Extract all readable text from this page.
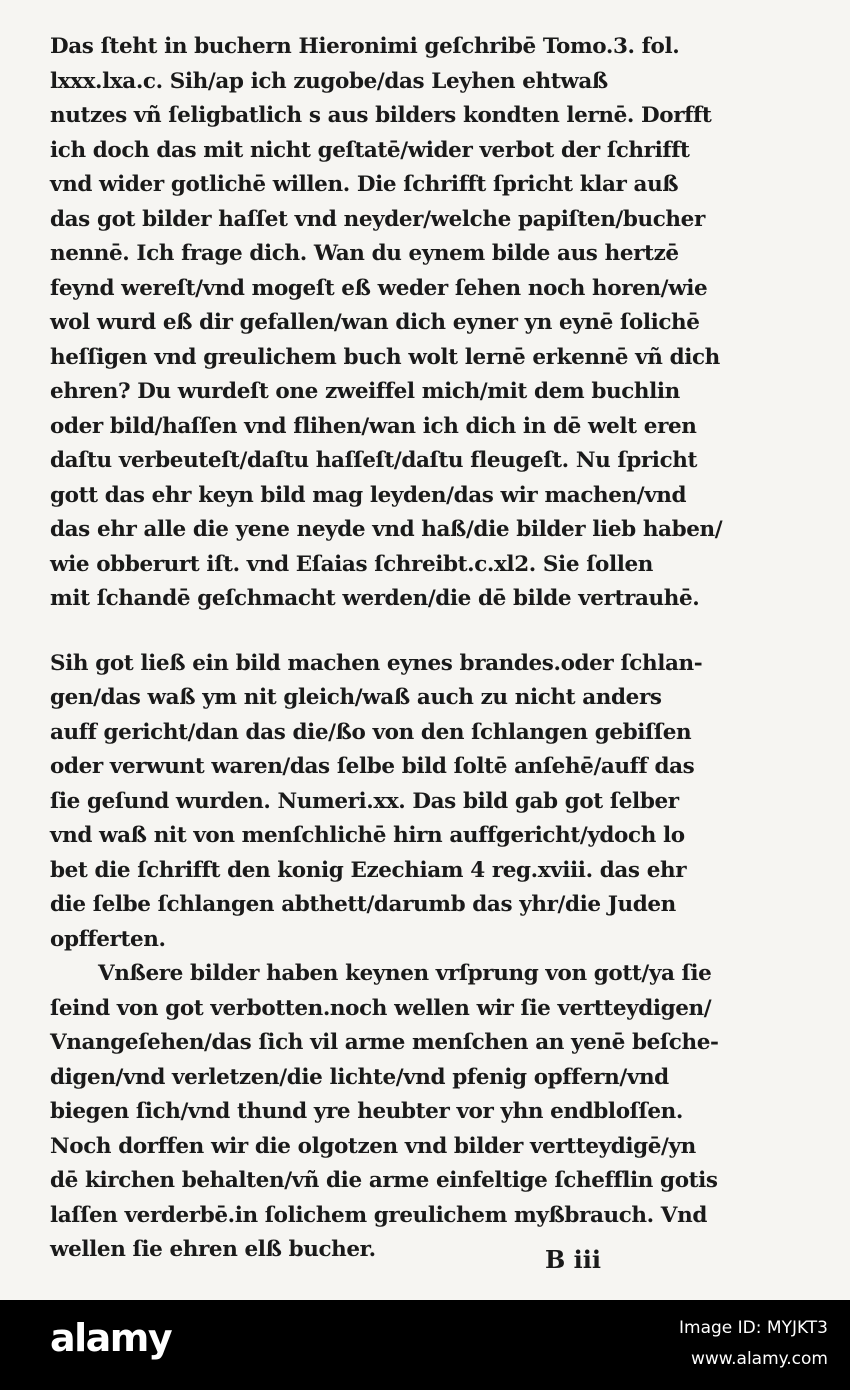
Das ſteht in buchern Hieronimi geſchribē Tomo.3. fol.
lxxx.lxa.c. Sih/ap ich zugobe/das Leyhen ehtwaß
nutzes vñ ſeligbatlich s aus bilders kondten lernē. Dorfft
ich doch das mit nicht geſtatē/wider verbot der ſchrifft
vnd wider gotlichē willen. Die ſchrifft ſpricht klar auß
das got bilder haſſet vnd neyder/welche papiſten/bucher
nennē. Ich frage dich. Wan du eynem bilde aus hertzē
feynd wereſt/vnd mogeſt eß weder ſehen noch horen/wie
wol wurd eß dir gefallen/wan dich eyner yn eynē ſolichē
heſſigen vnd greulichem buch wolt lernē erkennē vñ dich
ehren? Du wurdeſt one zweiffel mich/mit dem buchlin
oder bild/haſſen vnd flihen/wan ich dich in dē welt eren
daſtu verbeuteſt/daſtu haſſeſt/daſtu fleugeſt. Nu ſpricht
gott das ehr keyn bild mag leyden/das wir machen/vnd
das ehr alle die yene neyde vnd haß/die bilder lieb haben/
wie obberurt iſt. vnd Eſaias ſchreibt.c.xl2. Sie ſollen
mit ſchandē geſchmacht werden/die dē bilde vertrauhē.

Sih got ließ ein bild machen eynes brandes.oder ſchlan-
gen/das waß ym nit gleich/waß auch zu nicht anders
auff gericht/dan das die/ßo von den ſchlangen gebiſſen
oder verwunt waren/das ſelbe bild ſoltē anſehē/auff das
ſie geſund wurden. Numeri.xx. Das bild gab got ſelber
vnd waß nit von menſchlichē hirn auffgericht/ydoch lo
bet die ſchrifft den konig Ezechiam 4 reg.xviii. das ehr
die ſelbe ſchlangen abthett/darumb das yhr/die Juden
opfferten.

Vnßere bilder haben keynen vrſprung von gott/ya ſie
ſeind von got verbotten.noch wellen wir ſie vertteydigen/
Vnangeſehen/das ſich vil arme menſchen an yenē beſche-
digen/vnd verletzen/die lichte/vnd pfenig opffern/vnd
biegen ſich/vnd thund yre heubter vor yhn endbloſſen.
Noch dorffen wir die olgotzen vnd bilder vertteydigē/yn
dē kirchen behalten/vñ die arme einfeltige ſchefflin gotis
laſſen verderbē.in ſolichem greulichem myßbrauch. Vnd
wellen ſie ehren elß bucher.	B iii
alamy	Image ID: MYJKT3
www.alamy.com
